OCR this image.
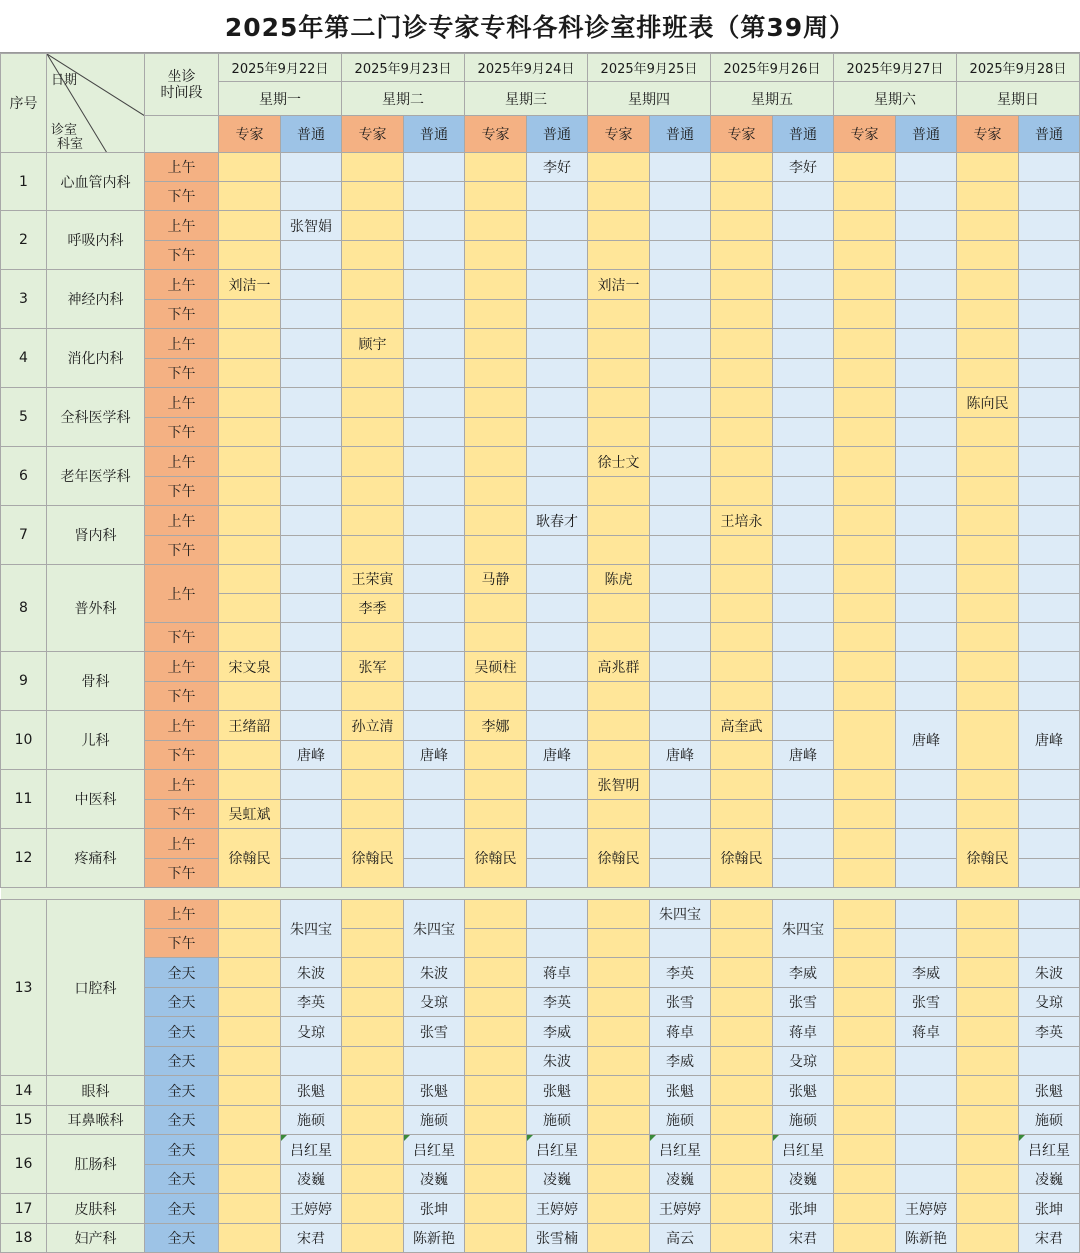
2025年第二门诊专家专科各科诊室排班表（第39周）
序号	日期
诊室
科室	坐诊
时间段	2025年9月22日		2025年9月23日		2025年9月24日		2025年9月25日		2025年9月26日		2025年9月27日		2025年9月28日	
			星期一		星期二		星期三		星期四		星期五		星期六		星期日	
			专家	普通	专家	普通	专家	普通	专家	普通	专家	普通	专家	普通	专家	普通
1	心血管内科	上午						李好				李好				
		下午														
2	呼吸内科	上午		张智娟												
		下午														
3	神经内科	上午	刘洁一						刘洁一							
		下午														
4	消化内科	上午			顾宇											
		下午														
5	全科医学科	上午													陈向民	
		下午														
6	老年医学科	上午							徐士文							
		下午														
7	肾内科	上午						耿春才			王培永					
		下午														
8	普外科	上午			王荣寅		马静		陈虎							
					李季											
		下午														
9	骨科	上午	宋文泉		张军		吴硕柱		高兆群							
		下午														
10	儿科	上午	王绪韶		孙立清		李娜				高奎武			唐峰		唐峰
		下午		唐峰		唐峰		唐峰		唐峰		唐峰				
11	中医科	上午							张智明							
		下午	吴虹斌													
12	疼痛科	上午	徐翰民		徐翰民		徐翰民		徐翰民		徐翰民				徐翰民	
		下午														

13	口腔科	上午		朱四宝		朱四宝				朱四宝		朱四宝				
		下午														
		全天		朱波		朱波		蒋卓		李英		李威		李威		朱波
		全天		李英		殳琼		李英		张雪		张雪		张雪		殳琼
		全天		殳琼		张雪		李威		蒋卓		蒋卓		蒋卓		李英
		全天						朱波		李威		殳琼				
14	眼科	全天		张魁		张魁		张魁		张魁		张魁				张魁
15	耳鼻喉科	全天		施硕		施硕		施硕		施硕		施硕				施硕
16	肛肠科	全天		吕红星		吕红星		吕红星		吕红星		吕红星				吕红星
		全天		凌巍		凌巍		凌巍		凌巍		凌巍				凌巍
17	皮肤科	全天		王婷婷		张坤		王婷婷		王婷婷		张坤		王婷婷		张坤
18	妇产科	全天		宋君		陈新艳		张雪楠		高云		宋君		陈新艳		宋君
